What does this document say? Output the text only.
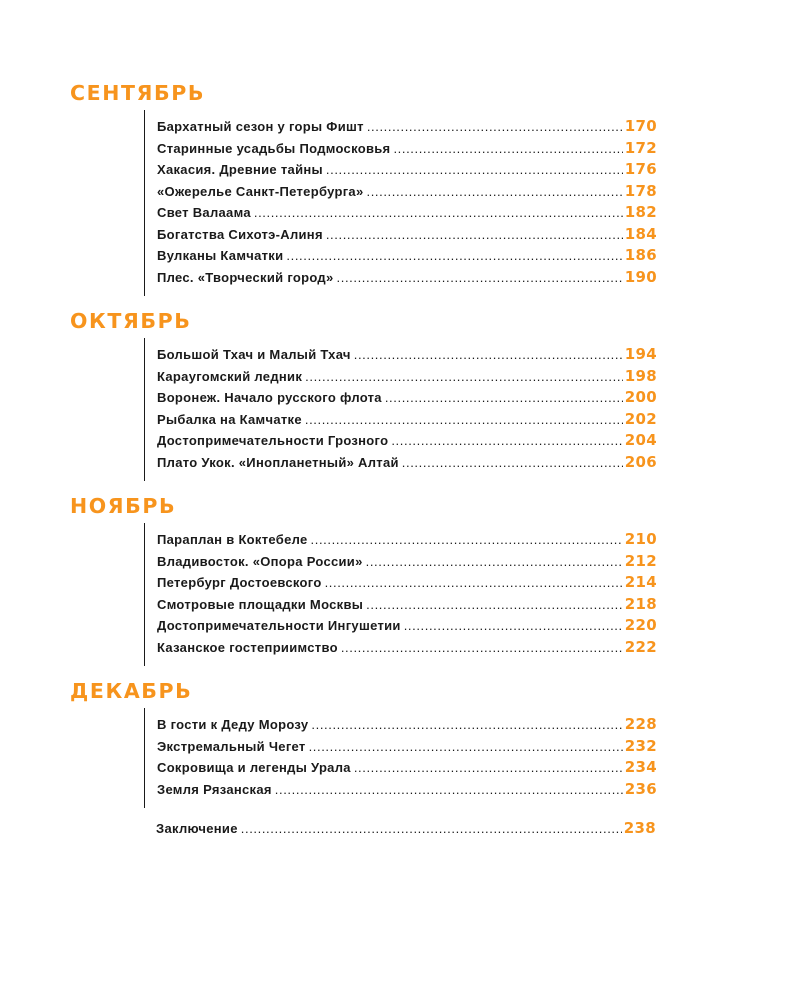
СЕНТЯБРЬ
Бархатный сезон у горы Фишт .....	170
Старинные усадьбы Подмосковья .....	172
Хакасия. Древние тайны .....	176
«Ожерелье Санкт-Петербурга» .....	178
Свет Валаама .....	182
Богатства Сихотэ-Алиня .....	184
Вулканы Камчатки .....	186
Плес. «Творческий город» .....	190
ОКТЯБРЬ
Большой Тхач и Малый Тхач .....	194
Караугомский ледник .....	198
Воронеж. Начало русского флота .....	200
Рыбалка на Камчатке .....	202
Достопримечательности Грозного .....	204
Плато Укок. «Инопланетный» Алтай .....	206
НОЯБРЬ
Параплан в Коктебеле .....	210
Владивосток. «Опора России» .....	212
Петербург Достоевского .....	214
Смотровые площадки Москвы .....	218
Достопримечательности Ингушетии .....	220
Казанское гостеприимство .....	222
ДЕКАБРЬ
В гости к Деду Морозу .....	228
Экстремальный Чегет .....	232
Сокровища и легенды Урала .....	234
Земля Рязанская .....	236
Заключение .....	238
